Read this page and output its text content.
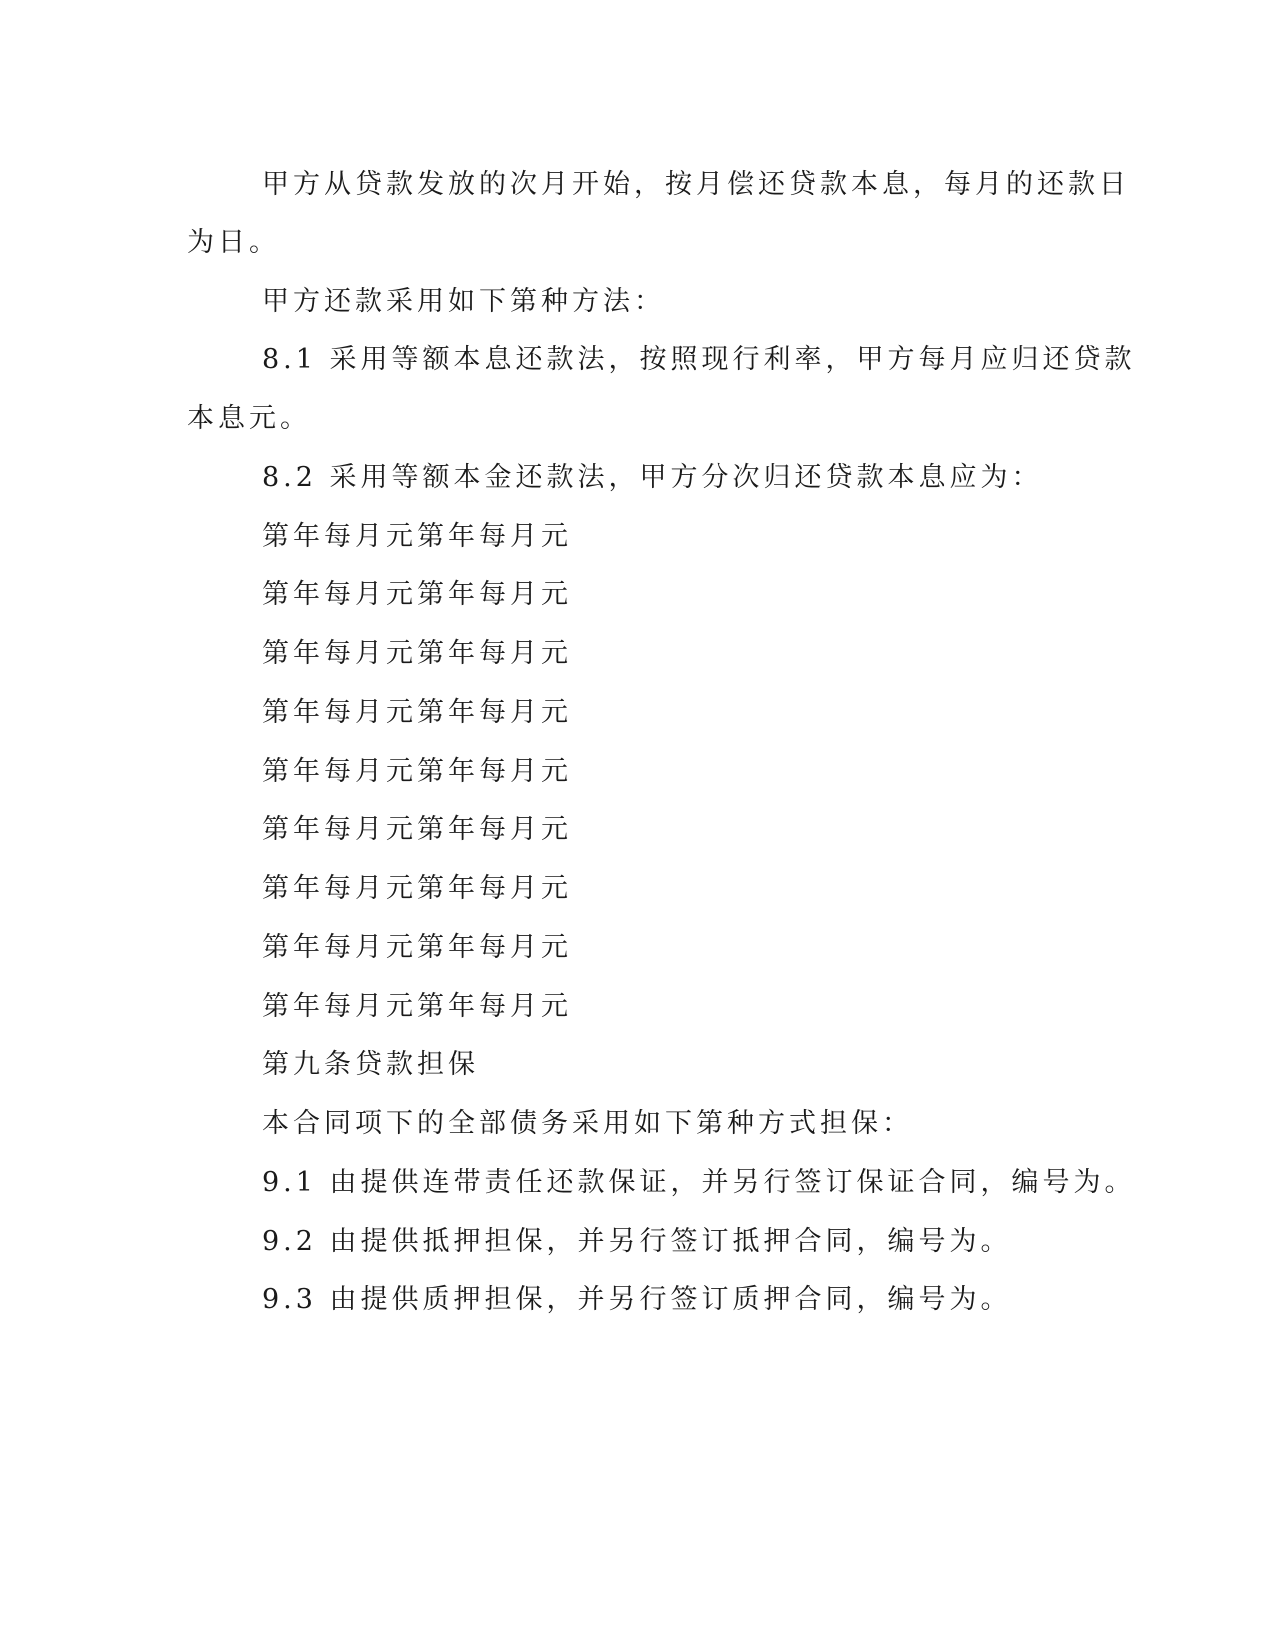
甲方从贷款发放的次月开始，按月偿还贷款本息，每月的还款日
为日。
甲方还款采用如下第种方法：
8.1 采用等额本息还款法，按照现行利率，甲方每月应归还贷款
本息元。
8.2 采用等额本金还款法，甲方分次归还贷款本息应为：
第年每月元第年每月元
第年每月元第年每月元
第年每月元第年每月元
第年每月元第年每月元
第年每月元第年每月元
第年每月元第年每月元
第年每月元第年每月元
第年每月元第年每月元
第年每月元第年每月元
第九条贷款担保
本合同项下的全部债务采用如下第种方式担保：
9.1 由提供连带责任还款保证，并另行签订保证合同，编号为。
9.2 由提供抵押担保，并另行签订抵押合同，编号为。
9.3 由提供质押担保，并另行签订质押合同，编号为。
